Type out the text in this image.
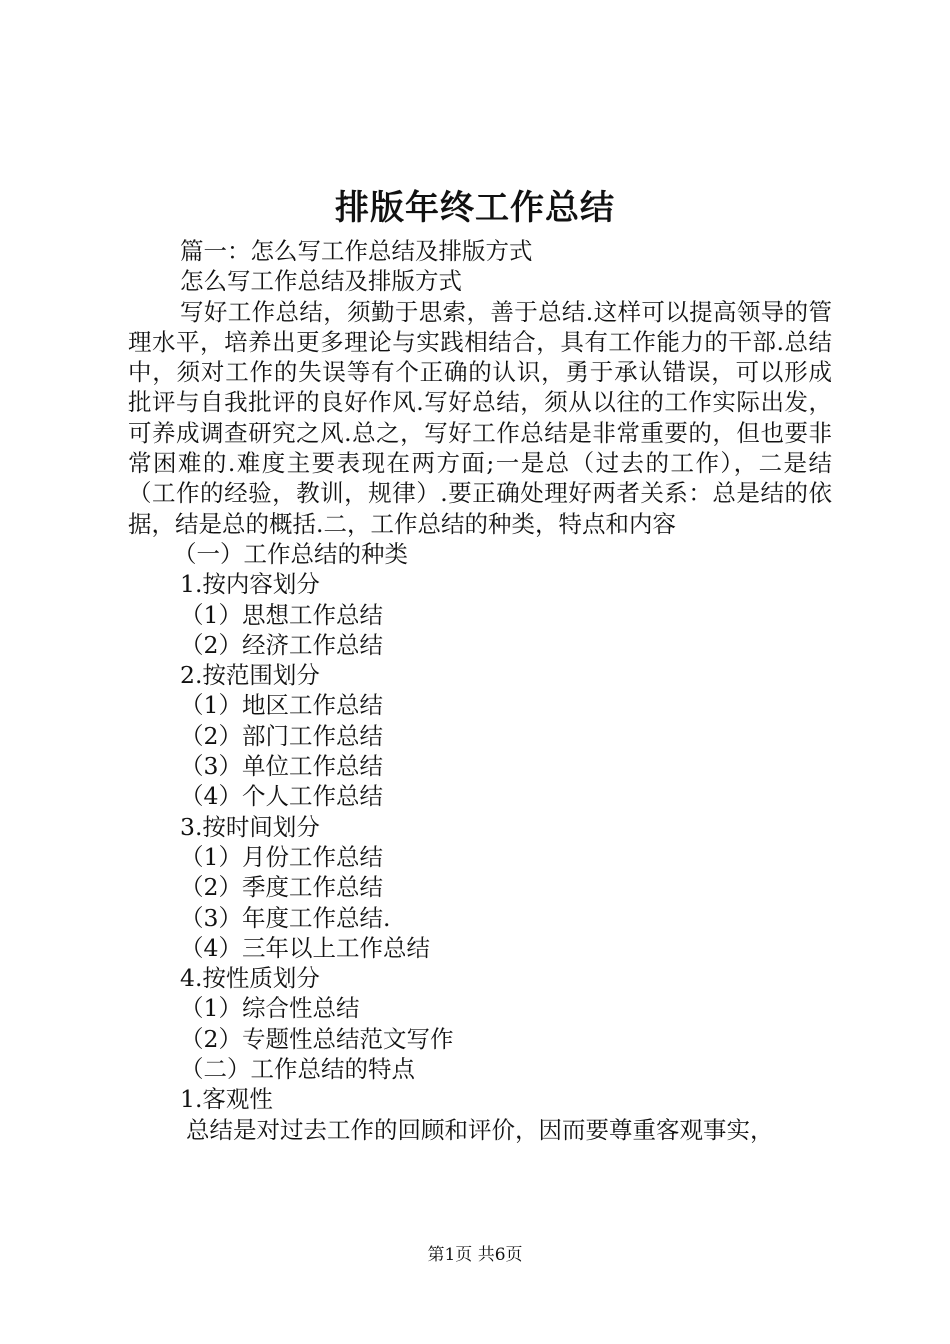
排版年终工作总结
篇一：怎么写工作总结及排版方式
怎么写工作总结及排版方式
写好工作总结，须勤于思索，善于总结.这样可以提高领导的管理水平，培养出更多理论与实践相结合，具有工作能力的干部.总结中，须对工作的失误等有个正确的认识，勇于承认错误，可以形成批评与自我批评的良好作风.写好总结，须从以往的工作实际出发，可养成调查研究之风.总之，写好工作总结是非常重要的，但也要非常困难的.难度主要表现在两方面;一是总（过去的工作），二是结（工作的经验，教训，规律）.要正确处理好两者关系：总是结的依据，结是总的概括.二，工作总结的种类，特点和内容
（一）工作总结的种类
1.按内容划分
（1）思想工作总结
（2）经济工作总结
2.按范围划分
（1）地区工作总结
（2）部门工作总结
（3）单位工作总结
（4）个人工作总结
3.按时间划分
（1）月份工作总结
（2）季度工作总结
（3）年度工作总结.
（4）三年以上工作总结
4.按性质划分
（1）综合性总结
（2）专题性总结范文写作
（二）工作总结的特点
1.客观性
总结是对过去工作的回顾和评价，因而要尊重客观事实，
第1页 共6页
